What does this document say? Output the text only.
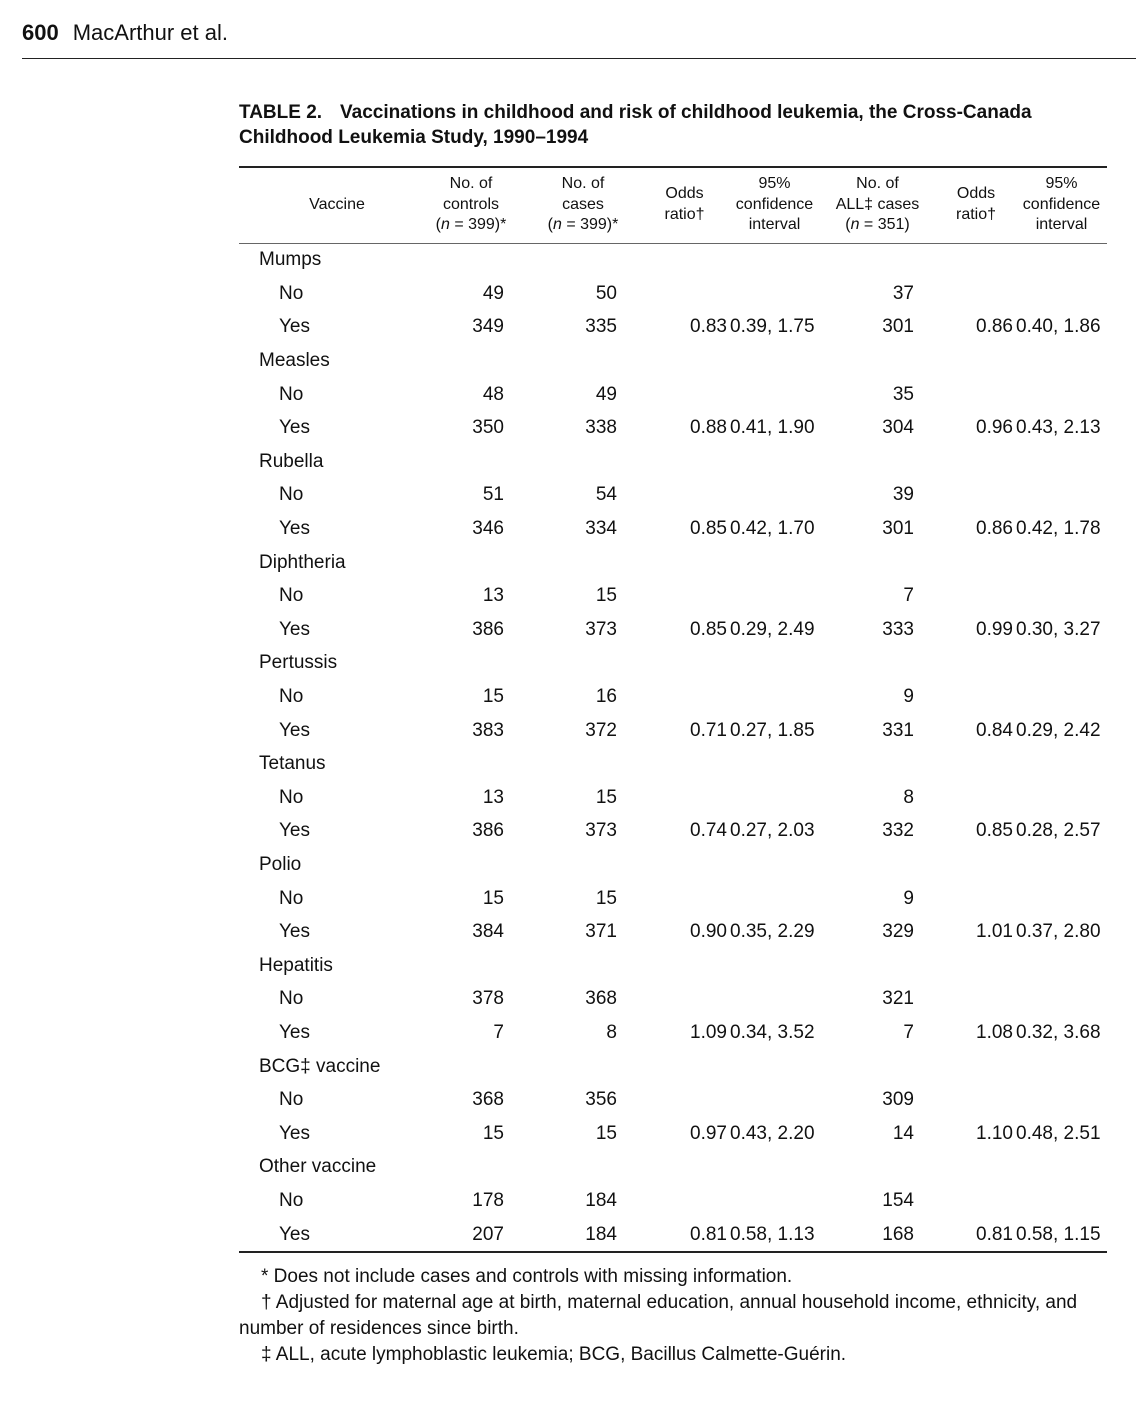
600 MacArthur et al.
TABLE 2. Vaccinations in childhood and risk of childhood leukemia, the Cross-Canada Childhood Leukemia Study, 1990–1994
Vaccine	No. of
controls
(n = 399)*	No. of
cases
(n = 399)*	Odds
ratio†	95%
confidence
interval	No. of
ALL‡ cases
(n = 351)	Odds
ratio†	95%
confidence
interval
Mumps							
No	49	50			37		
Yes	349	335	0.83	0.39, 1.75	301	0.86	0.40, 1.86
Measles							
No	48	49			35		
Yes	350	338	0.88	0.41, 1.90	304	0.96	0.43, 2.13
Rubella							
No	51	54			39		
Yes	346	334	0.85	0.42, 1.70	301	0.86	0.42, 1.78
Diphtheria							
No	13	15			7		
Yes	386	373	0.85	0.29, 2.49	333	0.99	0.30, 3.27
Pertussis							
No	15	16			9		
Yes	383	372	0.71	0.27, 1.85	331	0.84	0.29, 2.42
Tetanus							
No	13	15			8		
Yes	386	373	0.74	0.27, 2.03	332	0.85	0.28, 2.57
Polio							
No	15	15			9		
Yes	384	371	0.90	0.35, 2.29	329	1.01	0.37, 2.80
Hepatitis							
No	378	368			321		
Yes	7	8	1.09	0.34, 3.52	7	1.08	0.32, 3.68
BCG‡ vaccine							
No	368	356			309		
Yes	15	15	0.97	0.43, 2.20	14	1.10	0.48, 2.51
Other vaccine							
No	178	184			154		
Yes	207	184	0.81	0.58, 1.13	168	0.81	0.58, 1.15

* Does not include cases and controls with missing information.

† Adjusted for maternal age at birth, maternal education, annual household income, ethnicity, and number of residences since birth.

‡ ALL, acute lymphoblastic leukemia; BCG, Bacillus Calmette-Guérin.
